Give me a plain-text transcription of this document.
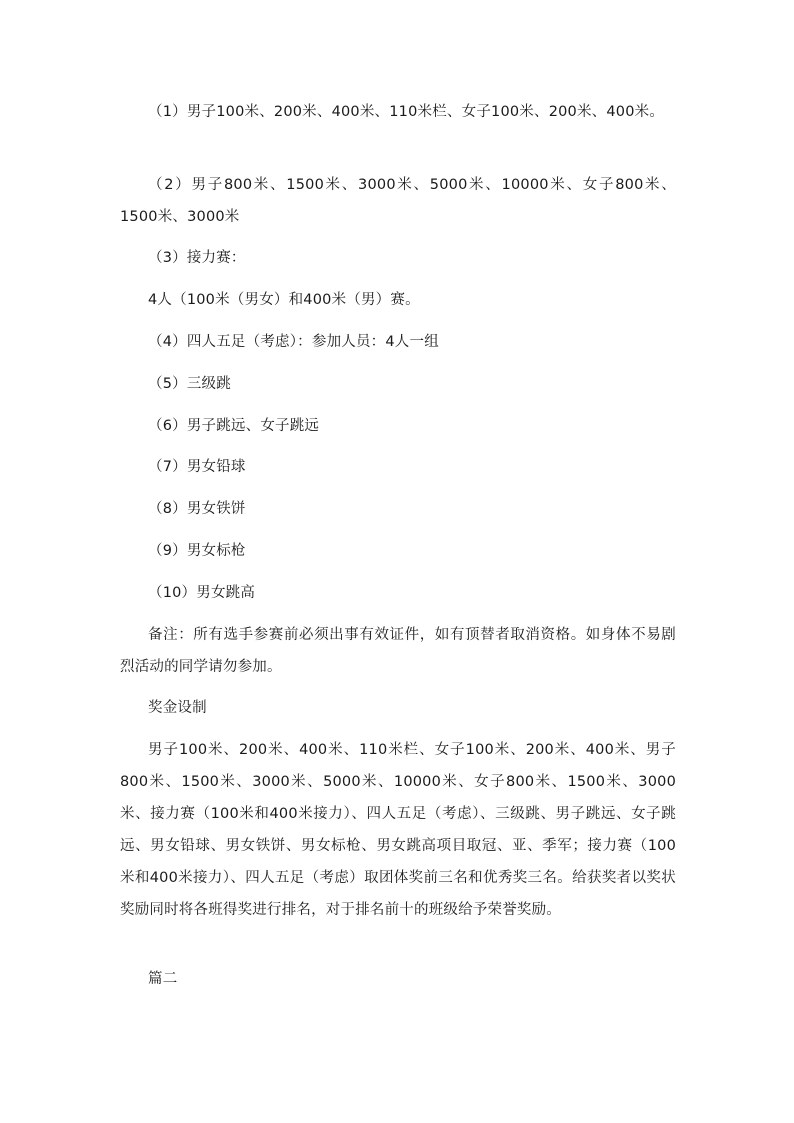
（1）男子100米、200米、400米、110米栏、女子100米、200米、400米。

（2）男子800米、1500米、3000米、5000米、10000米、女子800米、1500米、3000米

（3）接力赛：

4人（100米（男女）和400米（男）赛。

（4）四人五足（考虑）：参加人员：4人一组

（5）三级跳

（6）男子跳远、女子跳远

（7）男女铅球

（8）男女铁饼

（9）男女标枪

（10）男女跳高

备注：所有选手参赛前必须出事有效证件，如有顶替者取消资格。如身体不易剧烈活动的同学请勿参加。

奖金设制

男子100米、200米、400米、110米栏、女子100米、200米、400米、男子800米、1500米、3000米、5000米、10000米、女子800米、1500米、3000米、接力赛（100米和400米接力）、四人五足（考虑）、三级跳、男子跳远、女子跳远、男女铅球、男女铁饼、男女标枪、男女跳高项目取冠、亚、季军；接力赛（100米和400米接力）、四人五足（考虑）取团体奖前三名和优秀奖三名。给获奖者以奖状奖励同时将各班得奖进行排名，对于排名前十的班级给予荣誉奖励。

篇二
